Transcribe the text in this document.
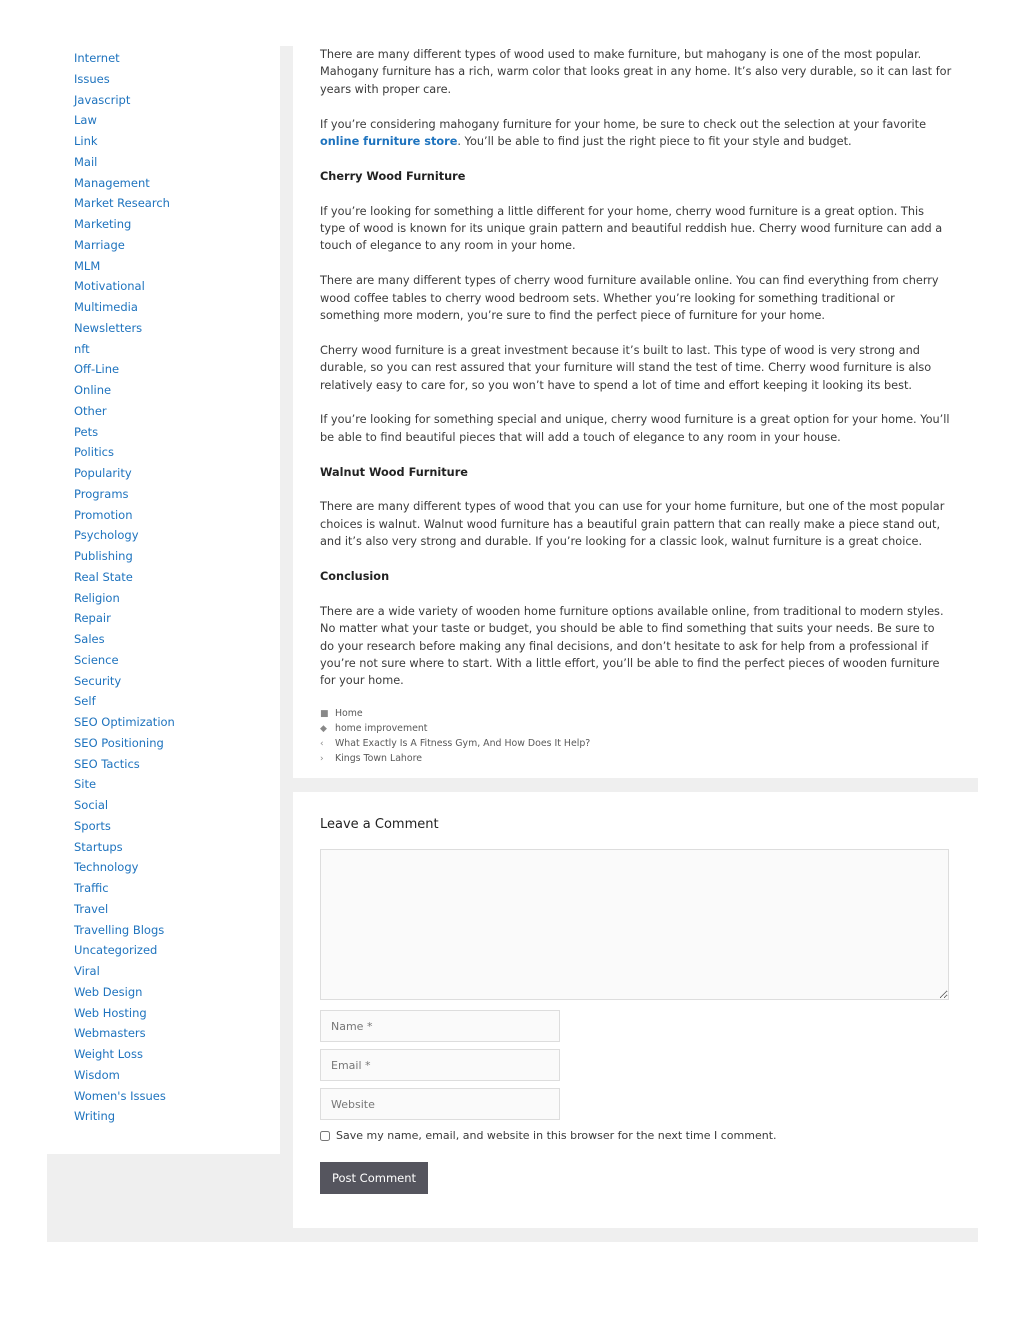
Internet
Issues
Javascript
Law
Link
Mail
Management
Market Research
Marketing
Marriage
MLM
Motivational
Multimedia
Newsletters
nft
Off-Line
Online
Other
Pets
Politics
Popularity
Programs
Promotion
Psychology
Publishing
Real State
Religion
Repair
Sales
Science
Security
Self
SEO Optimization
SEO Positioning
SEO Tactics
Site
Social
Sports
Startups
Technology
Traffic
Travel
Travelling Blogs
Uncategorized
Viral
Web Design
Web Hosting
Webmasters
Weight Loss
Wisdom
Women's Issues
Writing

There are many different types of wood used to make furniture, but mahogany is one of the most popular. Mahogany furniture has a rich, warm color that looks great in any home. It’s also very durable, so it can last for years with proper care.

If you’re considering mahogany furniture for your home, be sure to check out the selection at your favorite online furniture store. You’ll be able to find just the right piece to fit your style and budget.

Cherry Wood Furniture

If you’re looking for something a little different for your home, cherry wood furniture is a great option. This type of wood is known for its unique grain pattern and beautiful reddish hue. Cherry wood furniture can add a touch of elegance to any room in your home.

There are many different types of cherry wood furniture available online. You can find everything from cherry wood coffee tables to cherry wood bedroom sets. Whether you’re looking for something traditional or something more modern, you’re sure to find the perfect piece of furniture for your home.

Cherry wood furniture is a great investment because it’s built to last. This type of wood is very strong and durable, so you can rest assured that your furniture will stand the test of time. Cherry wood furniture is also relatively easy to care for, so you won’t have to spend a lot of time and effort keeping it looking its best.

If you’re looking for something special and unique, cherry wood furniture is a great option for your home. You’ll be able to find beautiful pieces that will add a touch of elegance to any room in your house.

Walnut Wood Furniture

There are many different types of wood that you can use for your home furniture, but one of the most popular choices is walnut. Walnut wood furniture has a beautiful grain pattern that can really make a piece stand out, and it’s also very strong and durable. If you’re looking for a classic look, walnut furniture is a great choice.

Conclusion

There are a wide variety of wooden home furniture options available online, from traditional to modern styles. No matter what your taste or budget, you should be able to find something that suits your needs. Be sure to do your research before making any final decisions, and don’t hesitate to ask for help from a professional if you’re not sure where to start. With a little effort, you’ll be able to find the perfect pieces of wooden furniture for your home.

■ Home
◆ home improvement
‹	What Exactly Is A Fitness Gym, And How Does It Help?
›	Kings Town Lahore
Leave a Comment
Name *
Email *
Website
Save my name, email, and website in this browser for the next time I comment.
Post Comment
